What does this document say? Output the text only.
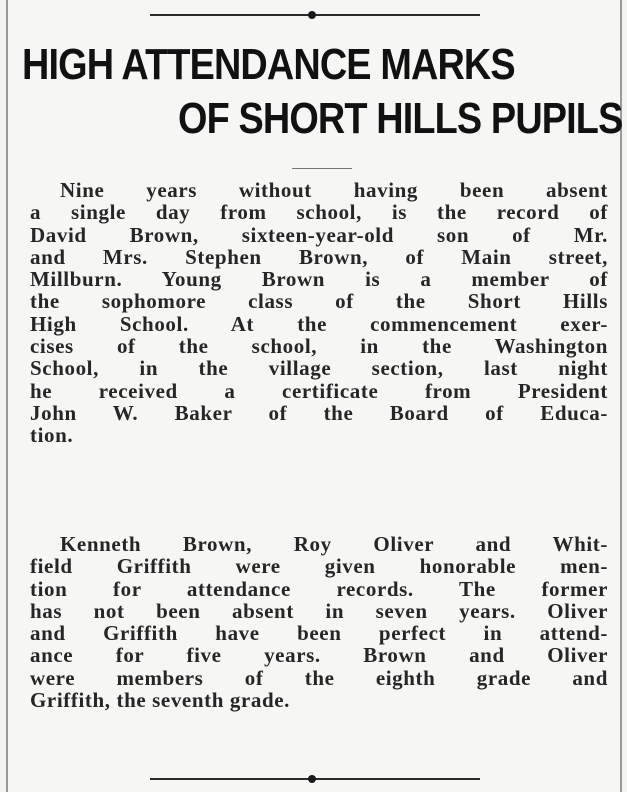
HIGH ATTENDANCE MARKS
OF SHORT HILLS PUPILS
Nine years without having been absent
a single day from school, is the record of
David Brown, sixteen-year-old son of Mr.
and Mrs. Stephen Brown, of Main street,
Millburn. Young Brown is a member of
the sophomore class of the Short Hills
High School. At the commencement exer-
cises of the school, in the Washington
School, in the village section, last night
he received a certificate from President
John W. Baker of the Board of Educa-
tion.
Kenneth Brown, Roy Oliver and Whit-
field Griffith were given honorable men-
tion for attendance records. The former
has not been absent in seven years. Oliver
and Griffith have been perfect in attend-
ance for five years. Brown and Oliver
were members of the eighth grade and
Griffith, the seventh grade.
